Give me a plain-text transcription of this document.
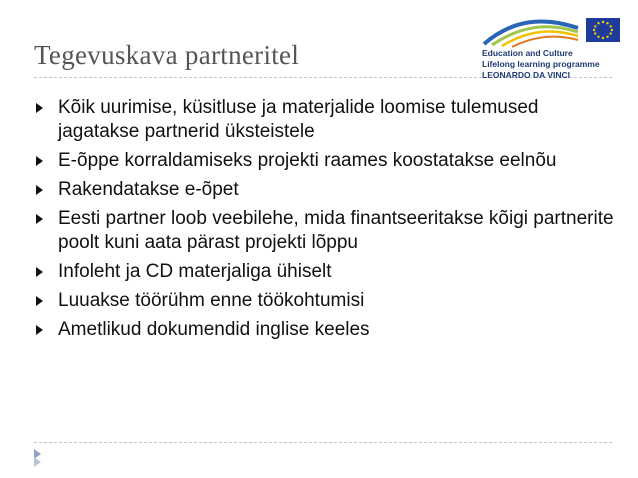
Tegevuskava partneritel	Education and Culture
Lifelong learning programme
LEONARDO DA VINCI
Kõik uurimise, küsitluse ja materjalide loomise tulemused jagatakse partnerid üksteistele
E-õppe korraldamiseks projekti raames koostatakse eelnõu
Rakendatakse e-õpet
Eesti partner loob veebilehe, mida finantseeritakse kõigi partnerite poolt kuni aata pärast projekti lõppu
Infoleht ja CD materjaliga ühiselt
Luuakse töörühm enne töökohtumisi
Ametlikud dokumendid inglise keeles
